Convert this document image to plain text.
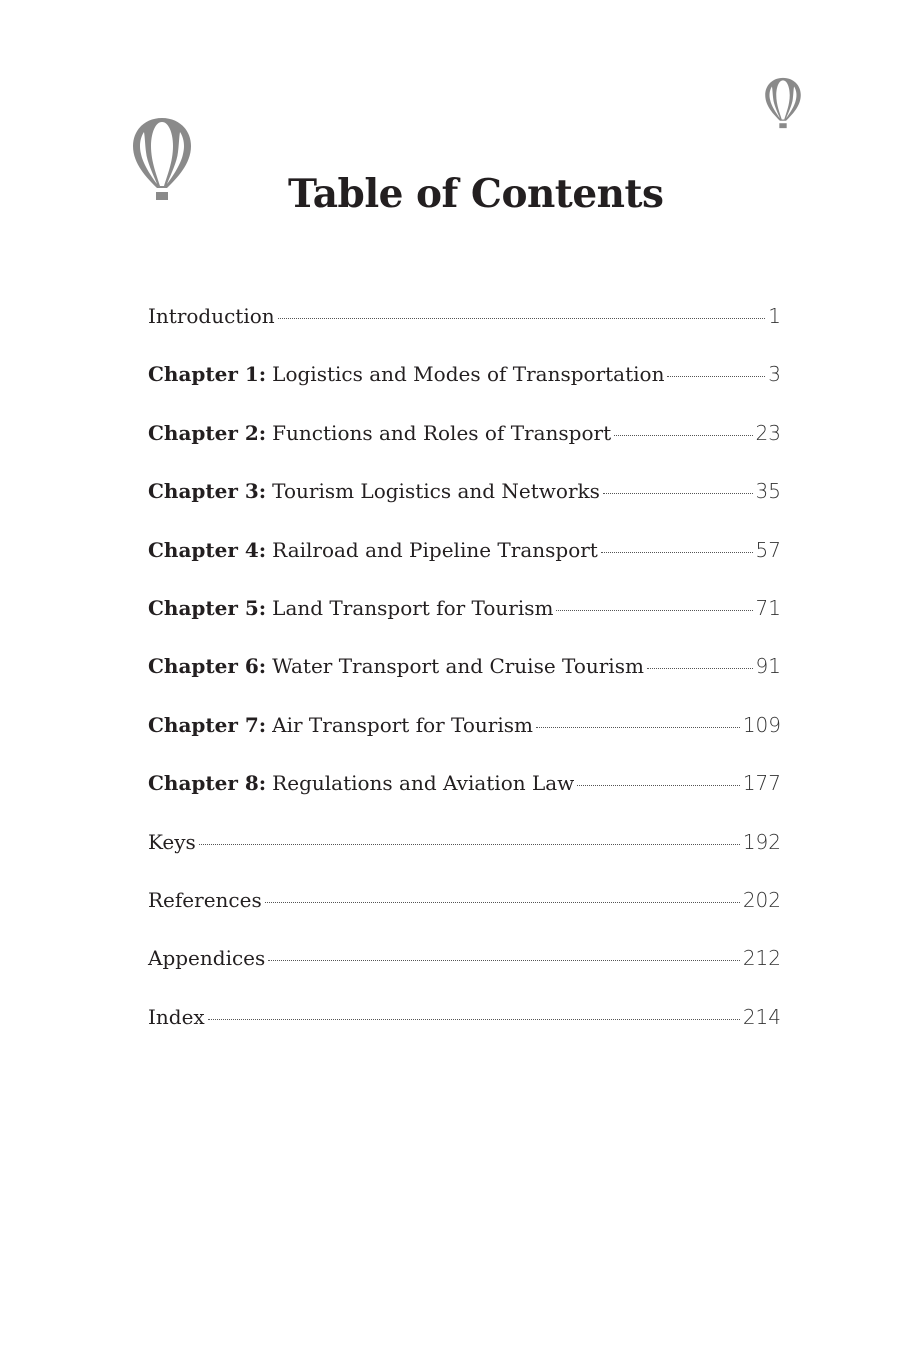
Table of Contents
Introduction	1
Chapter 1: Logistics and Modes of Transportation	3
Chapter 2: Functions and Roles of Transport	23
Chapter 3: Tourism Logistics and Networks	35
Chapter 4: Railroad and Pipeline Transport	57
Chapter 5: Land Transport for Tourism	71
Chapter 6: Water Transport and Cruise Tourism	91
Chapter 7: Air Transport for Tourism	109
Chapter 8: Regulations and Aviation Law	177
Keys	192
References	202
Appendices	212
Index	214
